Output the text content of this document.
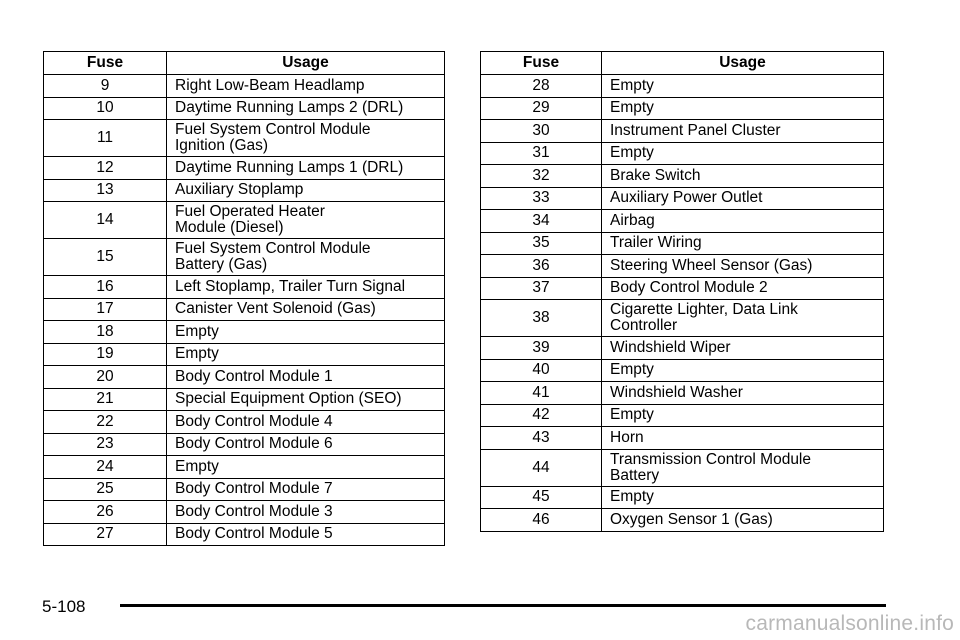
Fuse	Usage
9	Right Low-Beam Headlamp
10	Daytime Running Lamps 2 (DRL)
11	Fuel System Control Module
Ignition (Gas)
12	Daytime Running Lamps 1 (DRL)
13	Auxiliary Stoplamp
14	Fuel Operated Heater
Module (Diesel)
15	Fuel System Control Module
Battery (Gas)
16	Left Stoplamp, Trailer Turn Signal
17	Canister Vent Solenoid (Gas)
18	Empty
19	Empty
20	Body Control Module 1
21	Special Equipment Option (SEO)
22	Body Control Module 4
23	Body Control Module 6
24	Empty
25	Body Control Module 7
26	Body Control Module 3
27	Body Control Module 5
Fuse	Usage
28	Empty
29	Empty
30	Instrument Panel Cluster
31	Empty
32	Brake Switch
33	Auxiliary Power Outlet
34	Airbag
35	Trailer Wiring
36	Steering Wheel Sensor (Gas)
37	Body Control Module 2
38	Cigarette Lighter, Data Link
Controller
39	Windshield Wiper
40	Empty
41	Windshield Washer
42	Empty
43	Horn
44	Transmission Control Module
Battery
45	Empty
46	Oxygen Sensor 1 (Gas)
5-108
carmanualsonline.info
